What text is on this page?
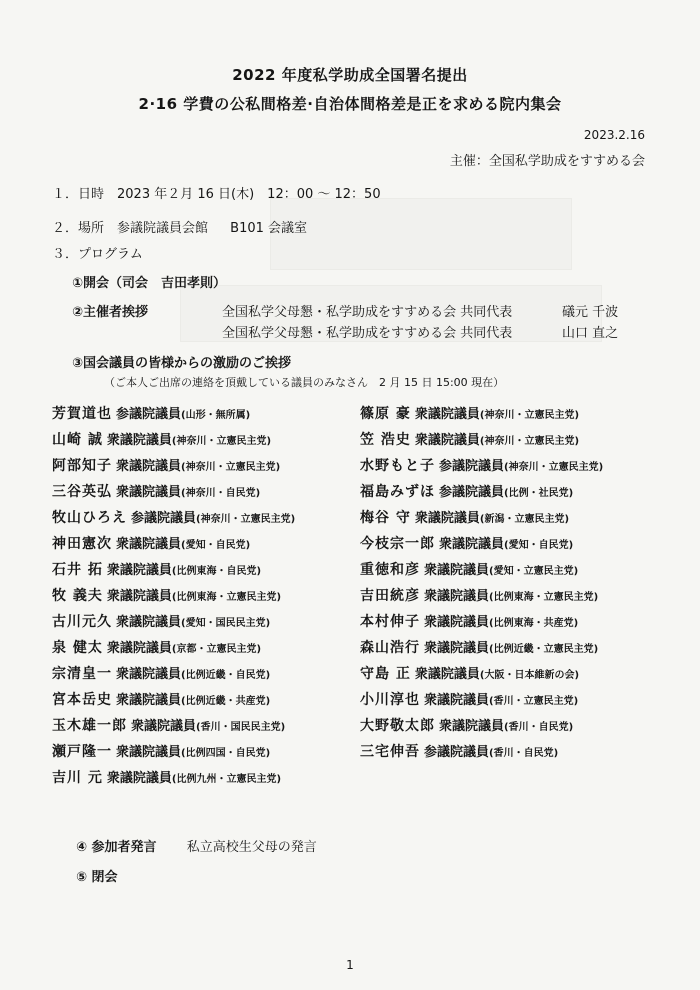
2022 年度私学助成全国署名提出
2·16 学費の公私間格差·自治体間格差是正を求める院内集会
2023.2.16
主催：全国私学助成をすすめる会
１．日時　2023 年２月 16 日(木)　12：00 ～ 12：50
２．場所　参議院議員会館 B101 会議室
３．プログラム
①開会（司会　吉田孝則）
②主催者挨拶	全国私学父母懇・私学助成をすすめる会 共同代表	礒元 千波
全国私学父母懇・私学助成をすすめる会 共同代表	山口 直之
③国会議員の皆様からの激励のご挨拶
（ご本人ご出席の連絡を頂戴している議員のみなさん　2 月 15 日 15:00 現在）
芳賀道也 参議院議員(山形・無所属)
山崎 誠 衆議院議員(神奈川・立憲民主党)
阿部知子 衆議院議員(神奈川・立憲民主党)
三谷英弘 衆議院議員(神奈川・自民党)
牧山ひろえ 参議院議員(神奈川・立憲民主党)
神田憲次 衆議院議員(愛知・自民党)
石井 拓 衆議院議員(比例東海・自民党)
牧 義夫 衆議院議員(比例東海・立憲民主党)
古川元久 衆議院議員(愛知・国民民主党)
泉 健太 衆議院議員(京都・立憲民主党)
宗清皇一 衆議院議員(比例近畿・自民党)
宮本岳史 衆議院議員(比例近畿・共産党)
玉木雄一郎 衆議院議員(香川・国民民主党)
瀬戸隆一 衆議院議員(比例四国・自民党)
吉川 元 衆議院議員(比例九州・立憲民主党)
篠原 豪 衆議院議員(神奈川・立憲民主党)
笠 浩史 衆議院議員(神奈川・立憲民主党)
水野もと子 参議院議員(神奈川・立憲民主党)
福島みずほ 参議院議員(比例・社民党)
梅谷 守 衆議院議員(新潟・立憲民主党)
今枝宗一郎 衆議院議員(愛知・自民党)
重徳和彦 衆議院議員(愛知・立憲民主党)
吉田統彦 衆議院議員(比例東海・立憲民主党)
本村伸子 衆議院議員(比例東海・共産党)
森山浩行 衆議院議員(比例近畿・立憲民主党)
守島 正 衆議院議員(大阪・日本維新の会)
小川淳也 衆議院議員(香川・立憲民主党)
大野敬太郎 衆議院議員(香川・自民党)
三宅伸吾 参議院議員(香川・自民党)
④ 参加者発言 私立高校生父母の発言
⑤ 閉会
1
